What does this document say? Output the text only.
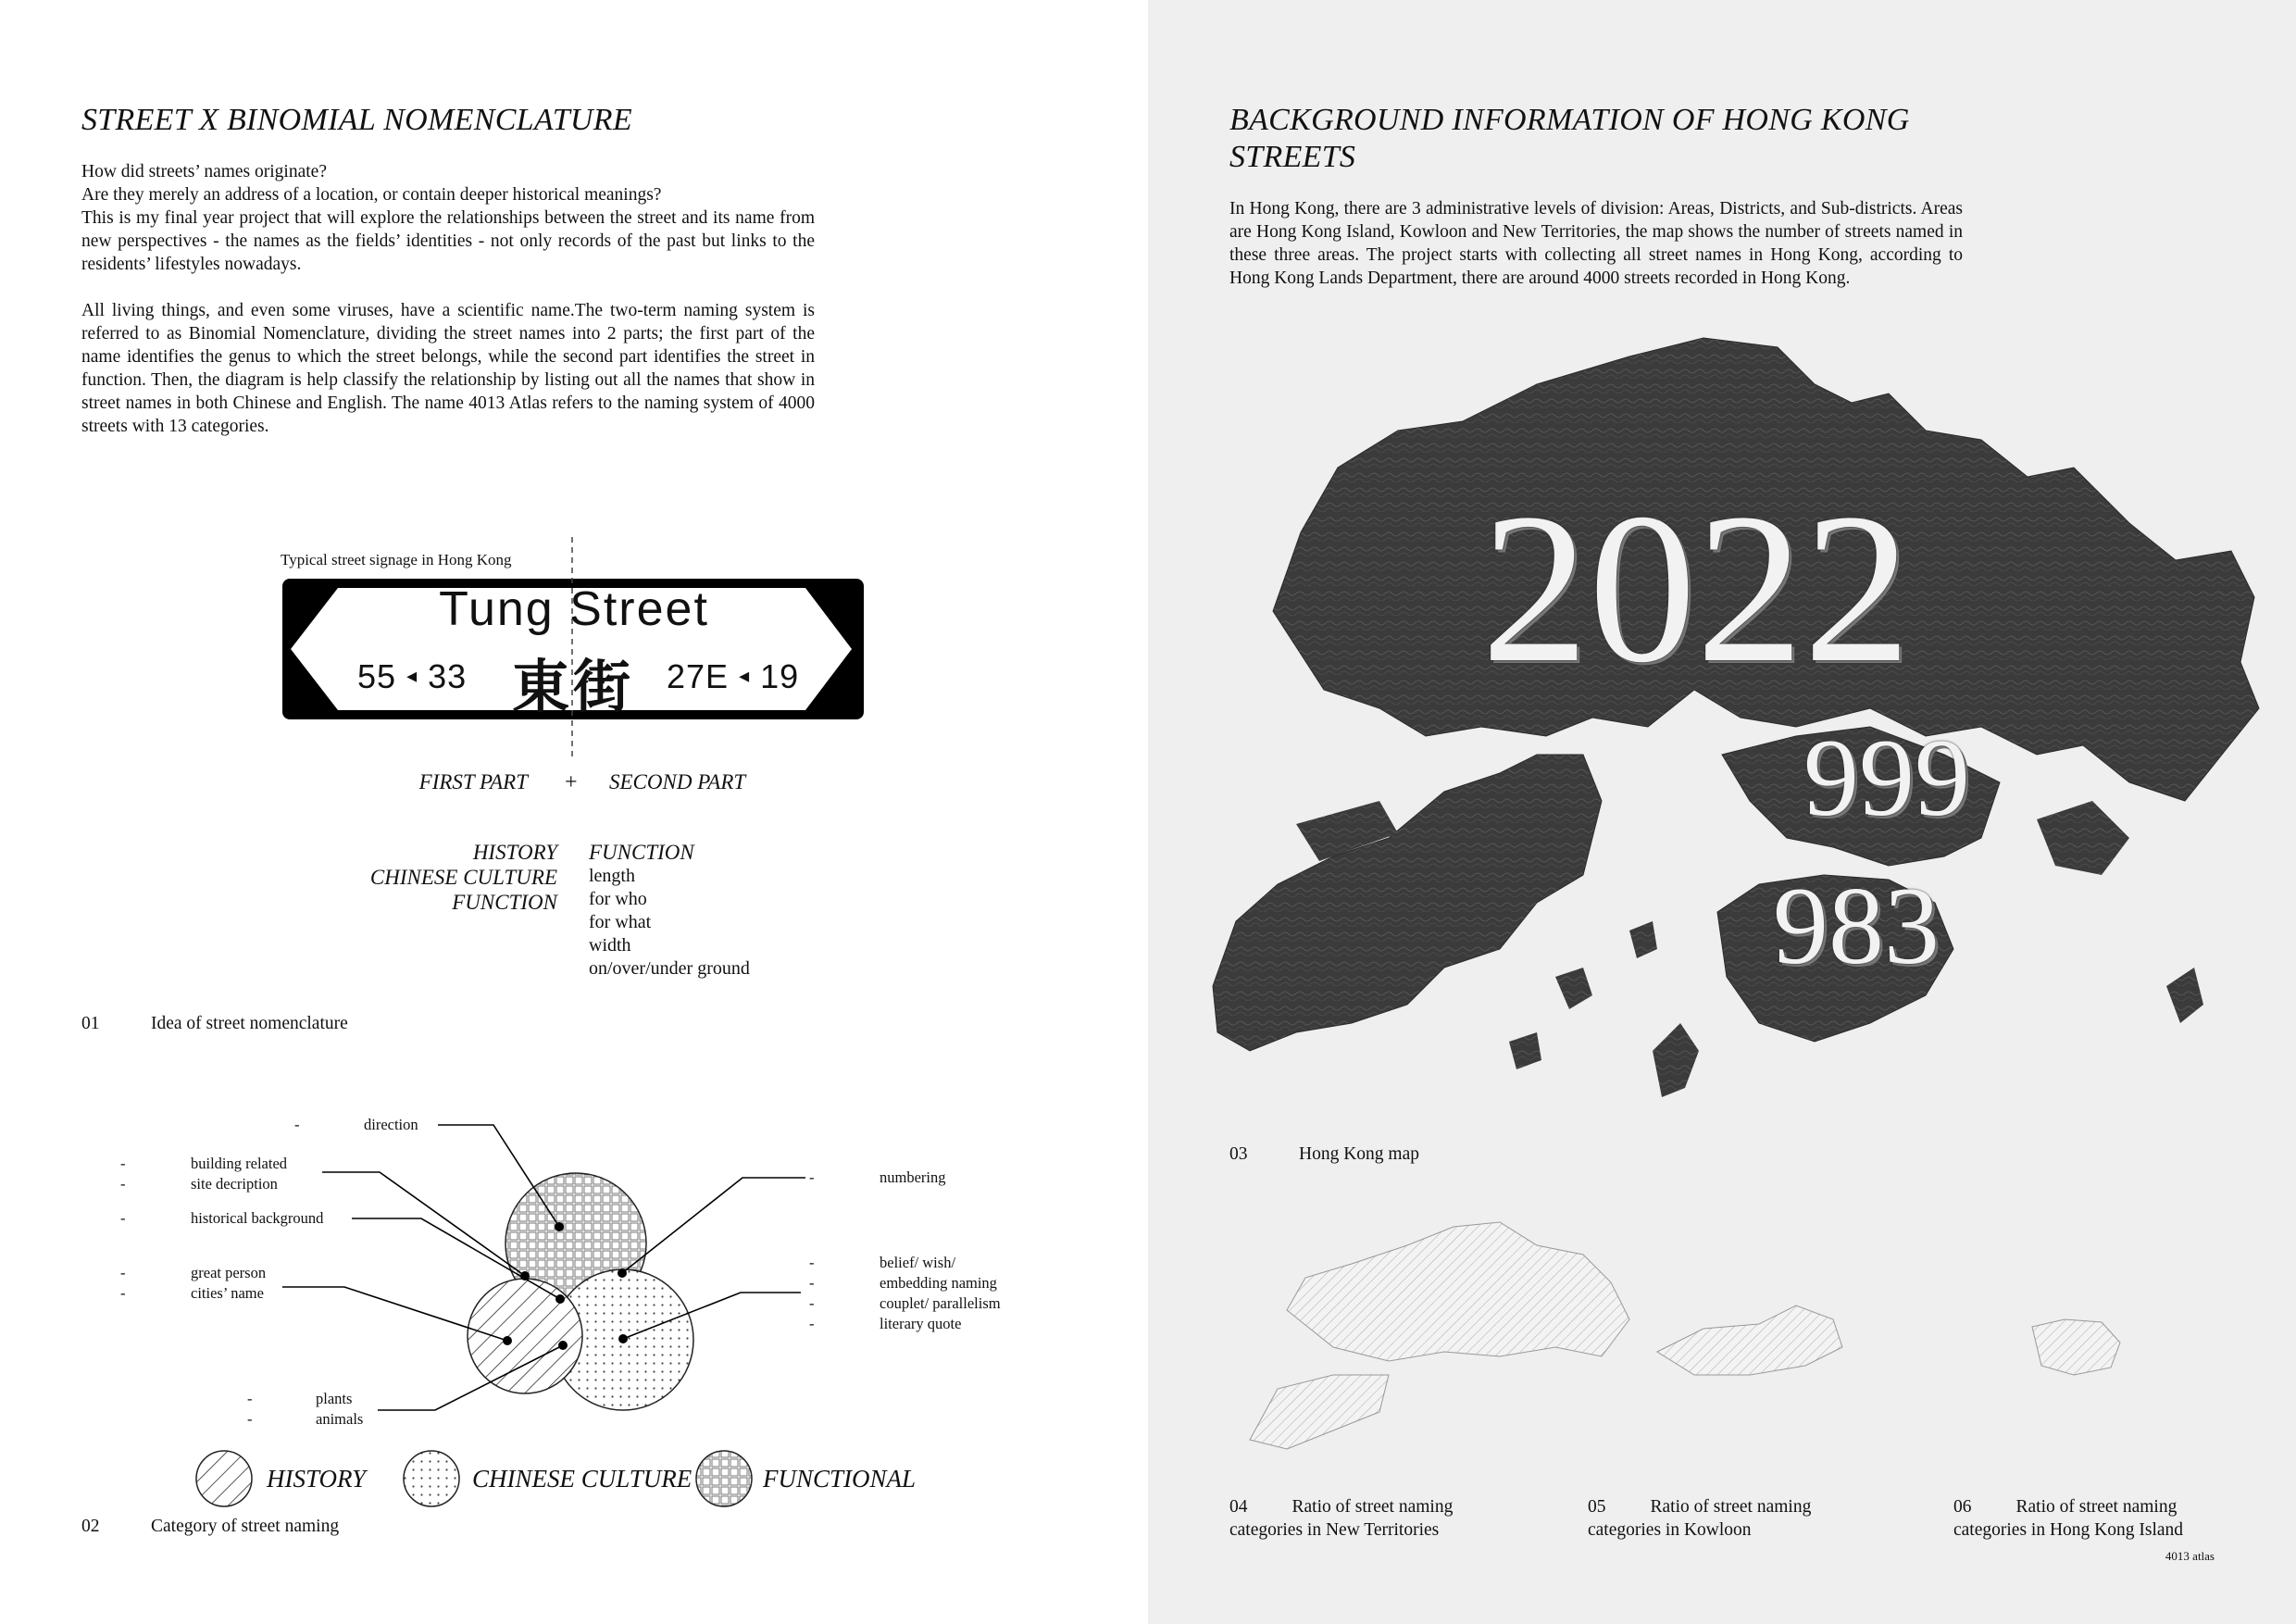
STREET X BINOMIAL NOMENCLATURE

How did streets’ names originate?

Are they merely an address of a location, or contain deeper historical meanings?

This is my final year project that will explore the relationships between the street and its name from new perspectives - the names as the fields’ identities - not only records of the past but links to the residents’ lifestyles nowadays.

All living things, and even some viruses, have a scientific name.The two-term naming system is referred to as Binomial Nomenclature, dividing the street names into 2 parts; the first part of the name identifies the genus to which the street belongs, while the second part identifies the street in function. Then, the diagram is help classify the relationship by listing out all the names that show in street names in both Chinese and English. The name 4013 Atlas refers to the naming system of 4000 streets with 13 categories.

Typical street signage in Hong Kong
Tung Street
55 ◂ 33 東街 27E ◂ 19
FIRST PART + SECOND PART
HISTORY
CHINESE CULTURE
FUNCTION
FUNCTION
length
for who
for what
width
on/over/under ground
01	Idea of street nomenclature
-	direction
-
-
building related
site decription
-	historical background
-
-
great person
cities’ name
-
-
plants
animals
-	numbering
-
-
-
-
belief/ wish/
embedding naming
couplet/ parallelism
literary quote
HISTORY	CHINESE CULTURE	FUNCTIONAL
02	Category of street naming
BACKGROUND INFORMATION OF HONG KONG
STREETS
In Hong Kong, there are 3 administrative levels of division: Areas, Districts, and Sub-districts. Areas are Hong Kong Island, Kowloon and New Territories, the map shows the number of streets named in these three areas. The project starts with collecting all street names in Hong Kong, according to Hong Kong Lands Department, there are around 4000 streets recorded in Hong Kong.
2022
999
983
03	Hong Kong map
04 Ratio of street naming
categories in New Territories
05 Ratio of street naming
categories in Kowloon
06 Ratio of street naming
categories in Hong Kong Island
4013 atlas
